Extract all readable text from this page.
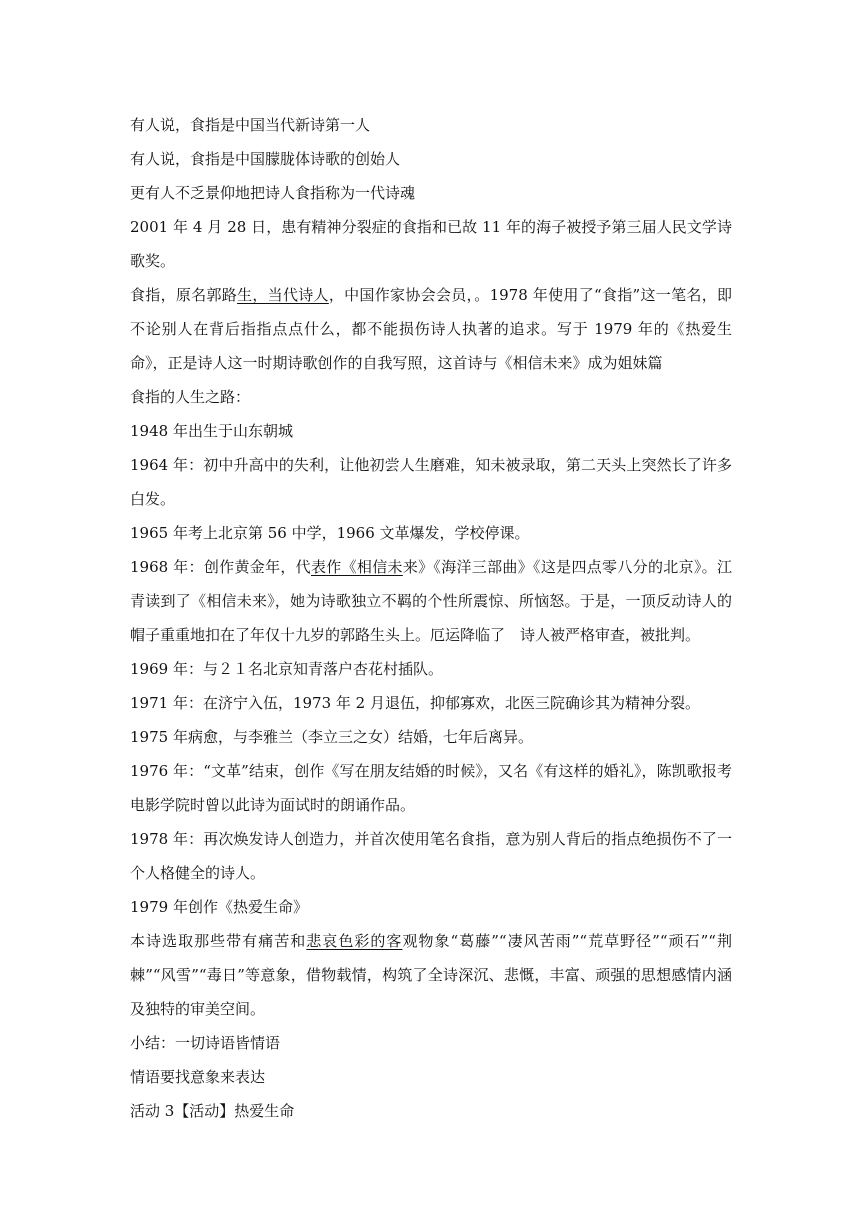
有人说，食指是中国当代新诗第一人

有人说，食指是中国朦胧体诗歌的创始人

更有人不乏景仰地把诗人食指称为一代诗魂

2001 年 4 月 28 日，患有精神分裂症的食指和已故 11 年的海子被授予第三届人民文学诗歌奖。

食指，原名郭路生，当代诗人，中国作家协会会员，。1978 年使用了“食指”这一笔名，即不论别人在背后指指点点什么，都不能损伤诗人执著的追求。写于 1979 年的《热爱生命》，正是诗人这一时期诗歌创作的自我写照，这首诗与《相信未来》成为姐妹篇

食指的人生之路：

1948 年出生于山东朝城

1964 年：初中升高中的失利，让他初尝人生磨难，知未被录取，第二天头上突然长了许多白发。

1965 年考上北京第 56 中学，1966 文革爆发，学校停课。

1968 年：创作黄金年，代表作《相信未来》《海洋三部曲》《这是四点零八分的北京》。江青读到了《相信未来》，她为诗歌独立不羁的个性所震惊、所恼怒。于是，一顶反动诗人的帽子重重地扣在了年仅十九岁的郭路生头上。厄运降临了　诗人被严格审查，被批判。

1969 年：与２１名北京知青落户杏花村插队。

1971 年：在济宁入伍，1973 年 2 月退伍，抑郁寡欢，北医三院确诊其为精神分裂。

1975 年病愈，与李雅兰（李立三之女）结婚，七年后离异。

1976 年：“文革”结束，创作《写在朋友结婚的时候》，又名《有这样的婚礼》，陈凯歌报考电影学院时曾以此诗为面试时的朗诵作品。

1978 年：再次焕发诗人创造力，并首次使用笔名食指，意为别人背后的指点绝损伤不了一个人格健全的诗人。

1979 年创作《热爱生命》

本诗选取那些带有痛苦和悲哀色彩的客观物象“葛藤”“凄风苦雨”“荒草野径”“顽石”“荆棘”“风雪”“毒日”等意象，借物载情，构筑了全诗深沉、悲慨，丰富、顽强的思想感情内涵及独特的审美空间。

小结：一切诗语皆情语

情语要找意象来表达

活动 3【活动】热爱生命
